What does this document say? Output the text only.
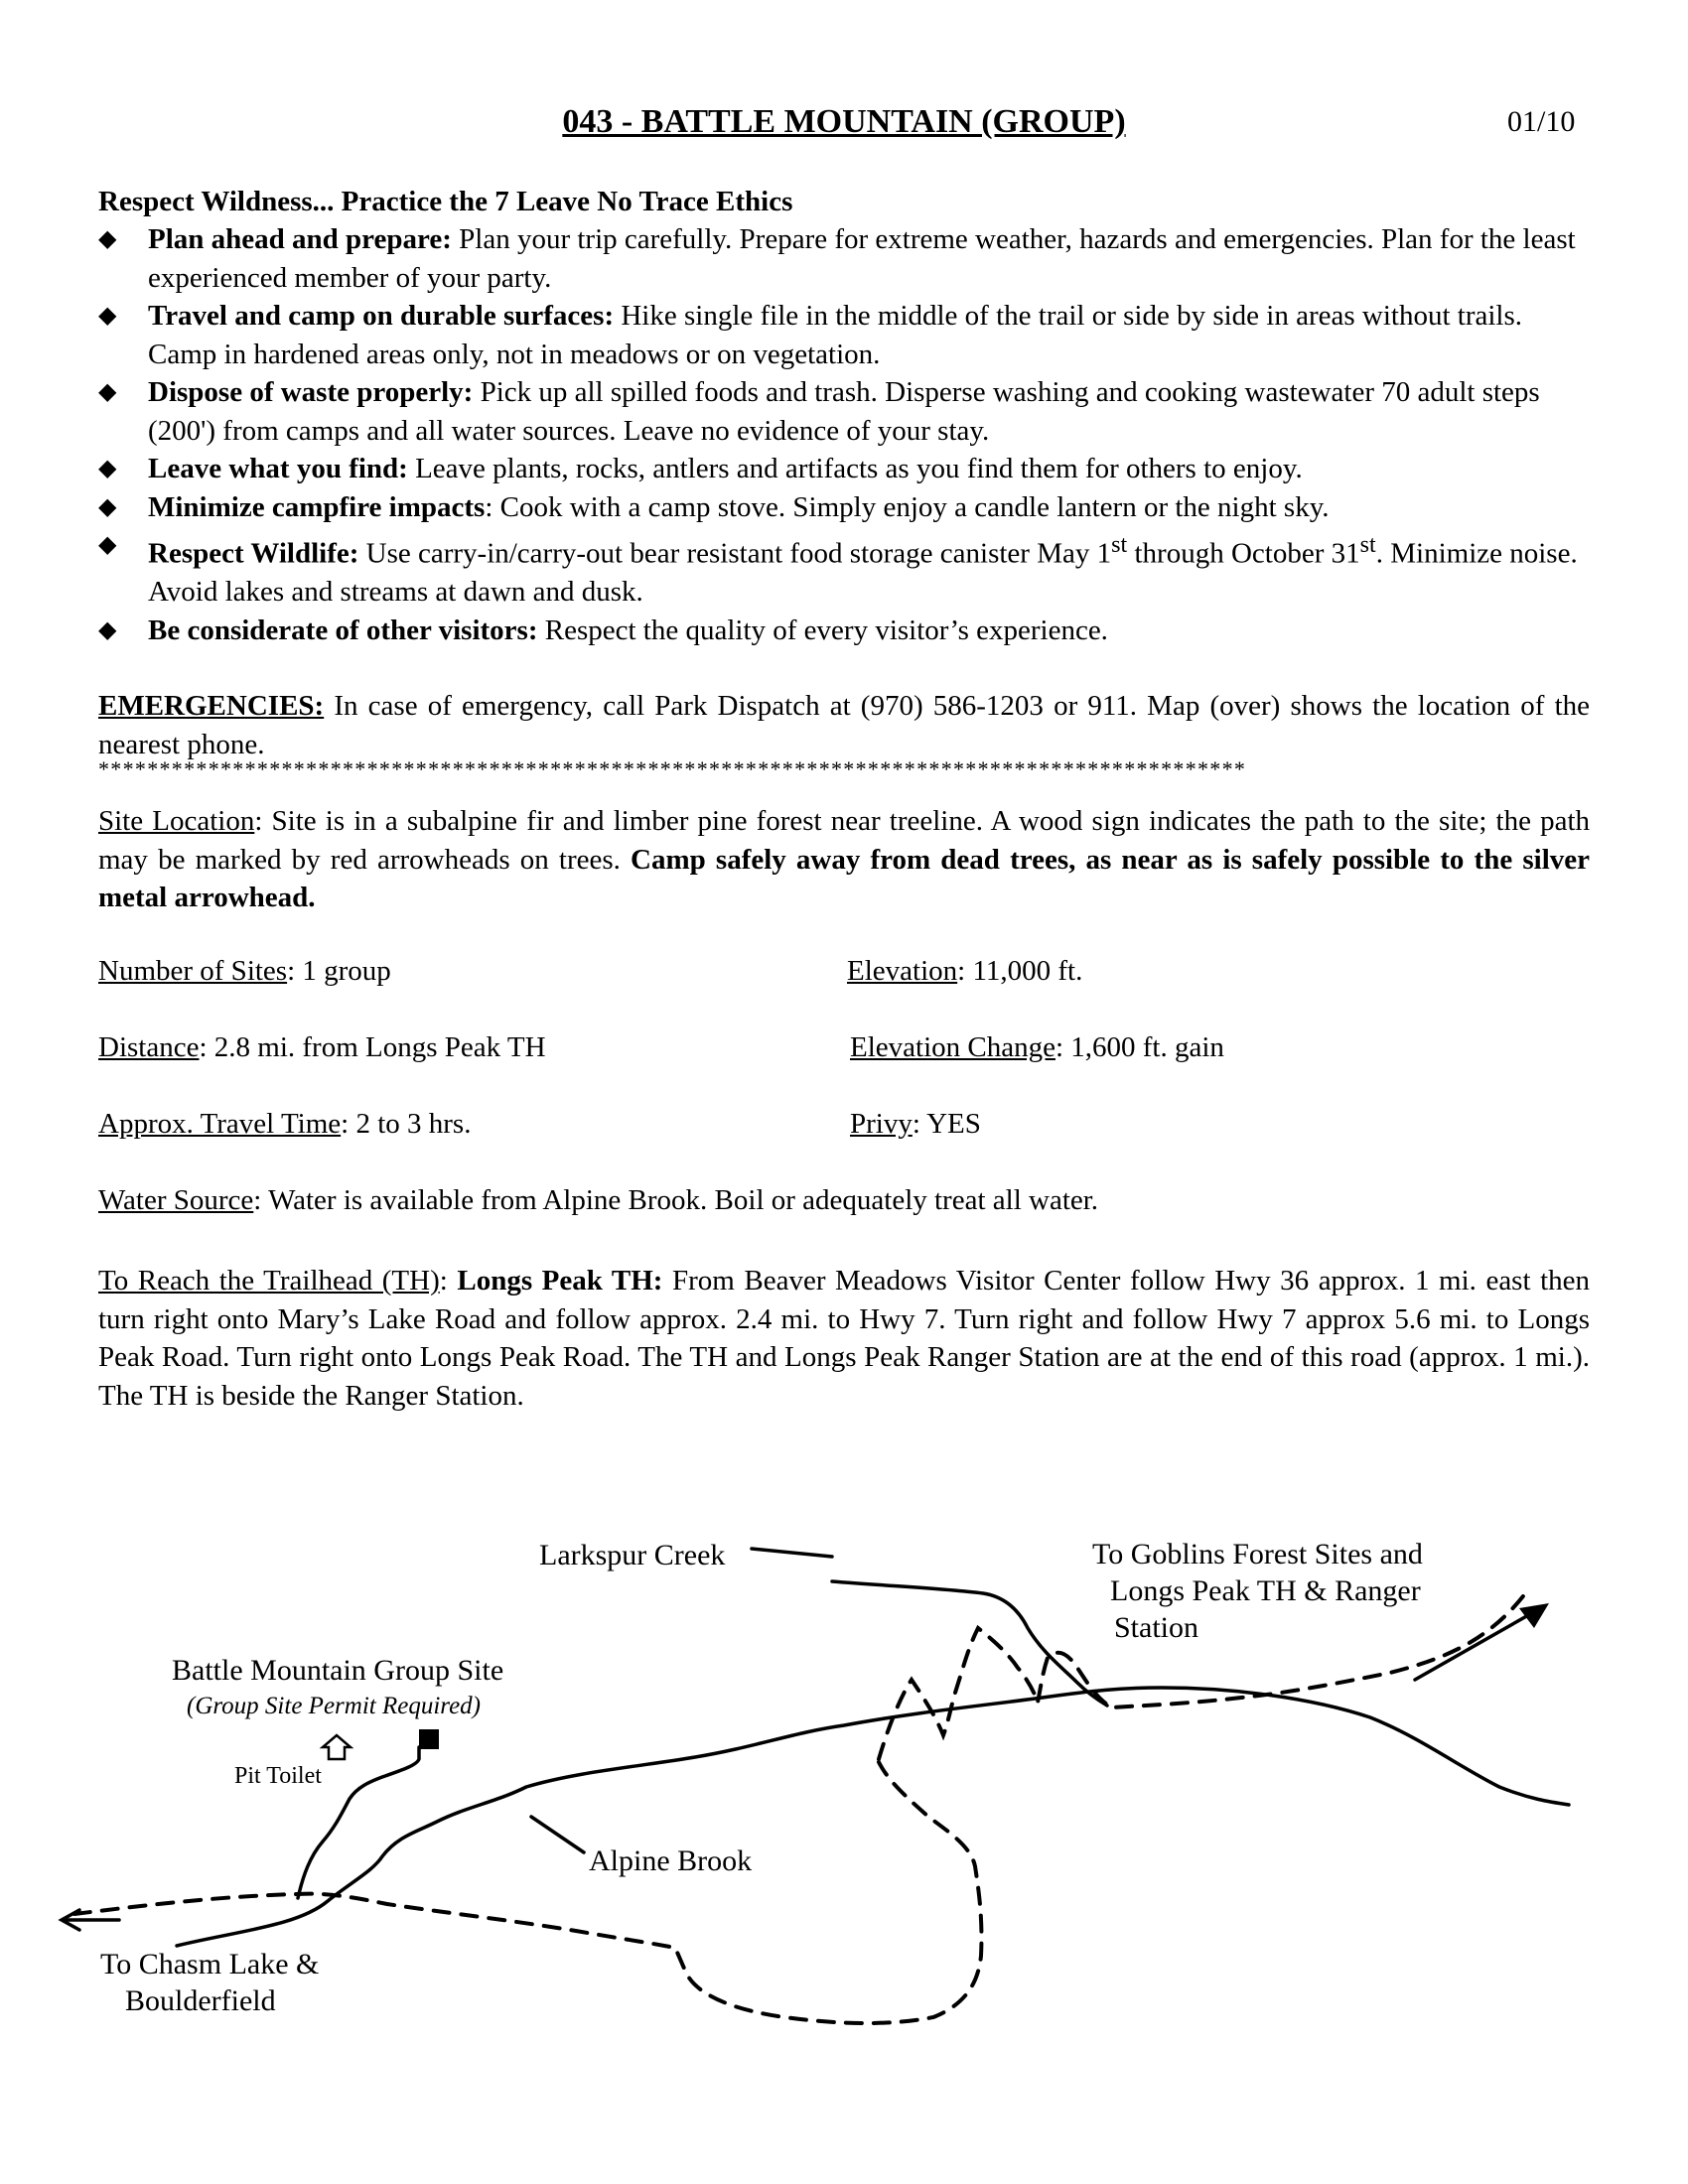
043 - BATTLE MOUNTAIN (GROUP)	01/10
Respect Wildness... Practice the 7 Leave No Trace Ethics
◆ Plan ahead and prepare: Plan your trip carefully. Prepare for extreme weather, hazards and emergencies. Plan for the least experienced member of your party.
◆ Travel and camp on durable surfaces: Hike single file in the middle of the trail or side by side in areas without trails. Camp in hardened areas only, not in meadows or on vegetation.
◆ Dispose of waste properly: Pick up all spilled foods and trash. Disperse washing and cooking wastewater 70 adult steps (200') from camps and all water sources. Leave no evidence of your stay.
◆ Leave what you find: Leave plants, rocks, antlers and artifacts as you find them for others to enjoy.
◆ Minimize campfire impacts: Cook with a camp stove. Simply enjoy a candle lantern or the night sky.
◆ Respect Wildlife: Use carry-in/carry-out bear resistant food storage canister May 1st through October 31st. Minimize noise. Avoid lakes and streams at dawn and dusk.
◆ Be considerate of other visitors: Respect the quality of every visitor’s experience.
EMERGENCIES: In case of emergency, call Park Dispatch at (970) 586-1203 or 911. Map (over) shows the location of the nearest phone.
**********************************************************************************************
Site Location: Site is in a subalpine fir and limber pine forest near treeline. A wood sign indicates the path to the site; the path may be marked by red arrowheads on trees. Camp safely away from dead trees, as near as is safely possible to the silver metal arrowhead.
Number of Sites: 1 group	Elevation: 11,000 ft.
Distance: 2.8 mi. from Longs Peak TH	Elevation Change: 1,600 ft. gain
Approx. Travel Time: 2 to 3 hrs.	Privy: YES
Water Source: Water is available from Alpine Brook. Boil or adequately treat all water.
To Reach the Trailhead (TH): Longs Peak TH: From Beaver Meadows Visitor Center follow Hwy 36 approx. 1 mi. east then turn right onto Mary’s Lake Road and follow approx. 2.4 mi. to Hwy 7. Turn right and follow Hwy 7 approx 5.6 mi. to Longs Peak Road. Turn right onto Longs Peak Road. The TH and Longs Peak Ranger Station are at the end of this road (approx. 1 mi.). The TH is beside the Ranger Station.
Larkspur Creek	To Goblins Forest Sites and
Longs Peak TH & Ranger
Station
Battle Mountain Group Site
(Group Site Permit Required)
Pit Toilet
Alpine Brook
To Chasm Lake &
Boulderfield
